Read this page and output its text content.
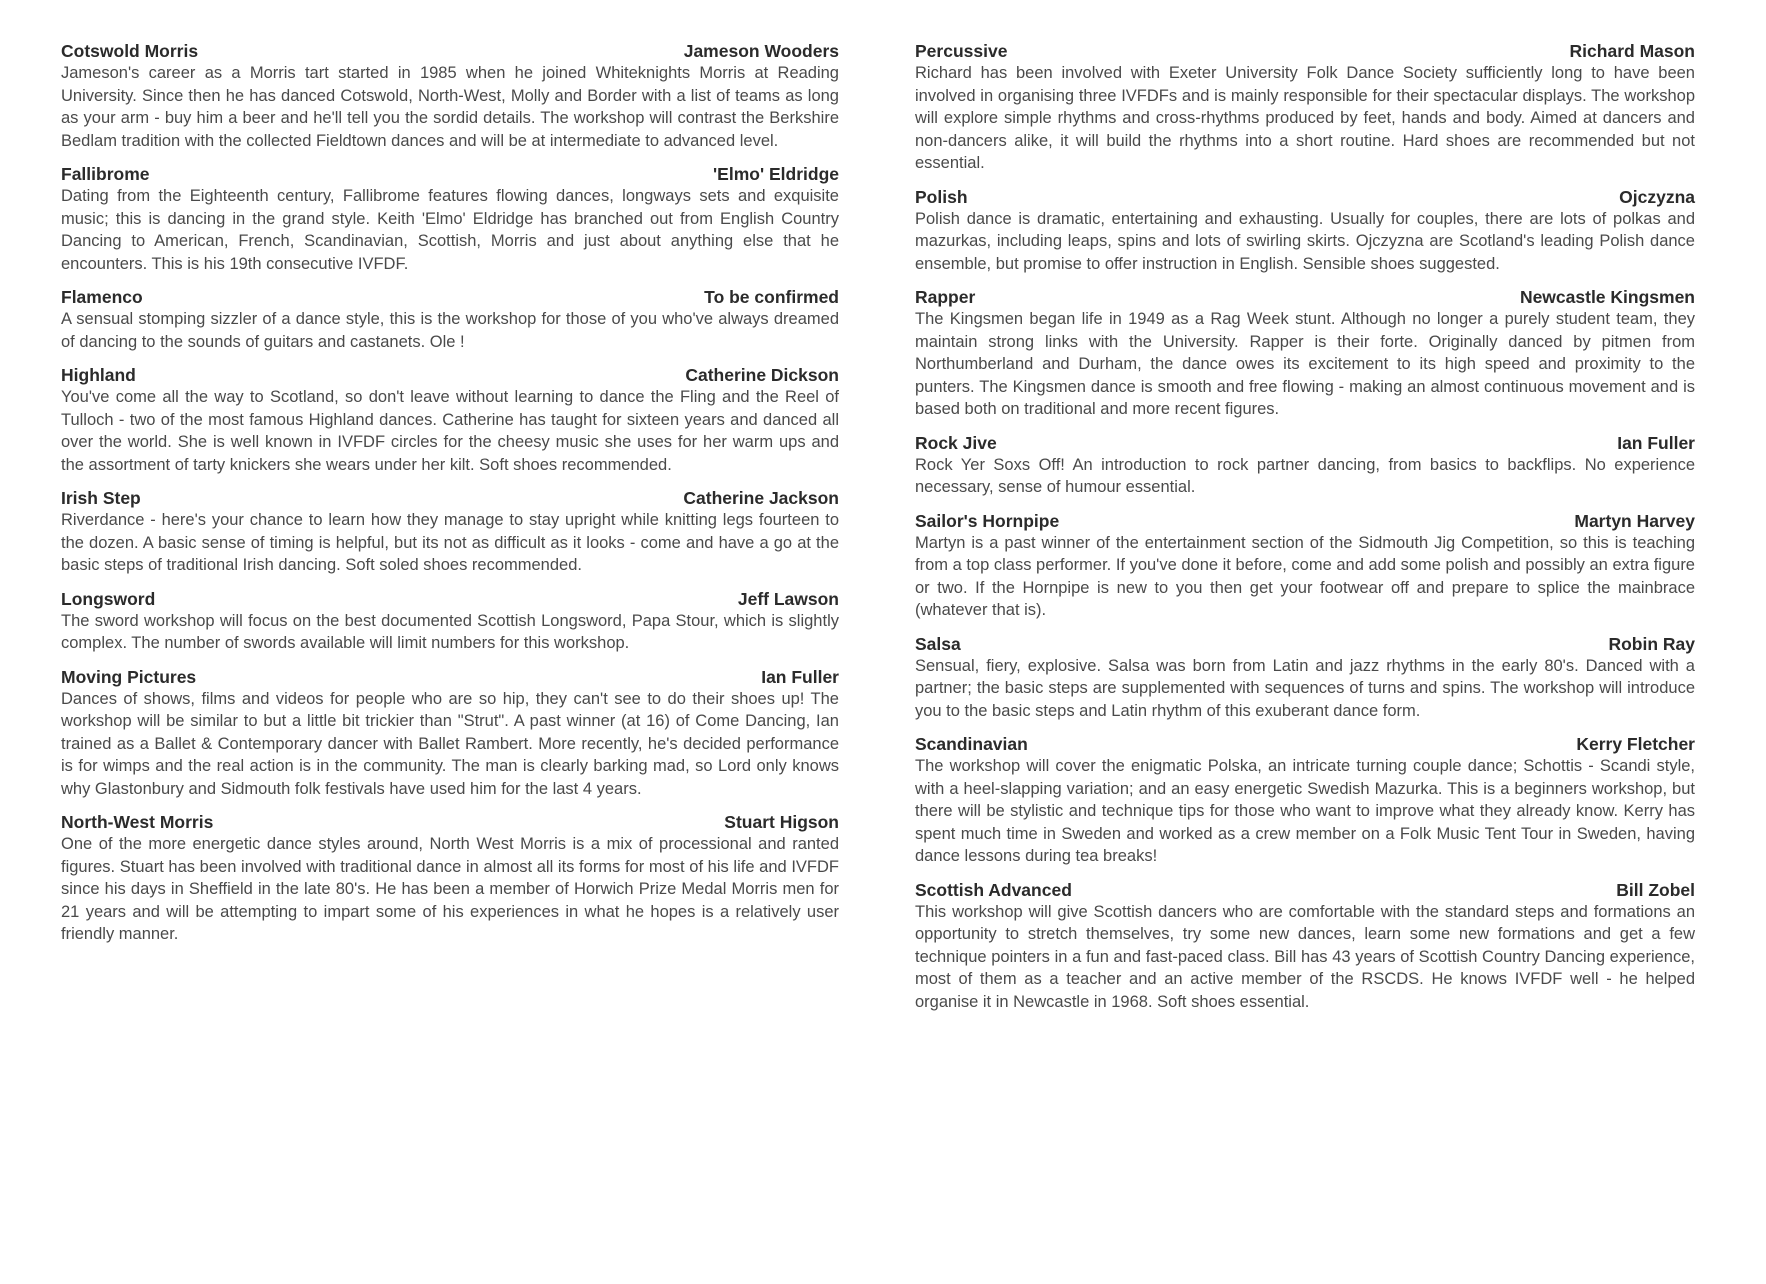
Cotswold Morris	Jameson Wooders

Jameson's career as a Morris tart started in 1985 when he joined Whiteknights Morris at Reading University. Since then he has danced Cotswold, North-West, Molly and Border with a list of teams as long as your arm - buy him a beer and he'll tell you the sordid details. The workshop will contrast the Berkshire Bedlam tradition with the collected Fieldtown dances and will be at intermediate to advanced level.

Fallibrome	'Elmo' Eldridge

Dating from the Eighteenth century, Fallibrome features flowing dances, longways sets and exquisite music; this is dancing in the grand style. Keith 'Elmo' Eldridge has branched out from English Country Dancing to American, French, Scandinavian, Scottish, Morris and just about anything else that he encounters. This is his 19th consecutive IVFDF.

Flamenco	To be confirmed

A sensual stomping sizzler of a dance style, this is the workshop for those of you who've always dreamed of dancing to the sounds of guitars and castanets. Ole !

Highland	Catherine Dickson

You've come all the way to Scotland, so don't leave without learning to dance the Fling and the Reel of Tulloch - two of the most famous Highland dances. Catherine has taught for sixteen years and danced all over the world. She is well known in IVFDF circles for the cheesy music she uses for her warm ups and the assortment of tarty knickers she wears under her kilt. Soft shoes recommended.

Irish Step	Catherine Jackson

Riverdance - here's your chance to learn how they manage to stay upright while knitting legs fourteen to the dozen. A basic sense of timing is helpful, but its not as difficult as it looks - come and have a go at the basic steps of traditional Irish dancing. Soft soled shoes recommended.

Longsword	Jeff Lawson

The sword workshop will focus on the best documented Scottish Longsword, Papa Stour, which is slightly complex. The number of swords available will limit numbers for this workshop.

Moving Pictures	Ian Fuller

Dances of shows, films and videos for people who are so hip, they can't see to do their shoes up! The workshop will be similar to but a little bit trickier than "Strut". A past winner (at 16) of Come Dancing, Ian trained as a Ballet & Contemporary dancer with Ballet Rambert. More recently, he's decided performance is for wimps and the real action is in the community. The man is clearly barking mad, so Lord only knows why Glastonbury and Sidmouth folk festivals have used him for the last 4 years.

North-West Morris	Stuart Higson

One of the more energetic dance styles around, North West Morris is a mix of processional and ranted figures. Stuart has been involved with traditional dance in almost all its forms for most of his life and IVFDF since his days in Sheffield in the late 80's. He has been a member of Horwich Prize Medal Morris men for 21 years and will be attempting to impart some of his experiences in what he hopes is a relatively user friendly manner.

Percussive	Richard Mason

Richard has been involved with Exeter University Folk Dance Society sufficiently long to have been involved in organising three IVFDFs and is mainly responsible for their spectacular displays. The workshop will explore simple rhythms and cross-rhythms produced by feet, hands and body. Aimed at dancers and non-dancers alike, it will build the rhythms into a short routine. Hard shoes are recommended but not essential.

Polish	Ojczyzna

Polish dance is dramatic, entertaining and exhausting. Usually for couples, there are lots of polkas and mazurkas, including leaps, spins and lots of swirling skirts. Ojczyzna are Scotland's leading Polish dance ensemble, but promise to offer instruction in English. Sensible shoes suggested.

Rapper	Newcastle Kingsmen

The Kingsmen began life in 1949 as a Rag Week stunt. Although no longer a purely student team, they maintain strong links with the University. Rapper is their forte. Originally danced by pitmen from Northumberland and Durham, the dance owes its excitement to its high speed and proximity to the punters. The Kingsmen dance is smooth and free flowing - making an almost continuous movement and is based both on traditional and more recent figures.

Rock Jive	Ian Fuller

Rock Yer Soxs Off! An introduction to rock partner dancing, from basics to backflips. No experience necessary, sense of humour essential.

Sailor's Hornpipe	Martyn Harvey

Martyn is a past winner of the entertainment section of the Sidmouth Jig Competition, so this is teaching from a top class performer. If you've done it before, come and add some polish and possibly an extra figure or two. If the Hornpipe is new to you then get your footwear off and prepare to splice the mainbrace (whatever that is).

Salsa	Robin Ray

Sensual, fiery, explosive. Salsa was born from Latin and jazz rhythms in the early 80's. Danced with a partner; the basic steps are supplemented with sequences of turns and spins. The workshop will introduce you to the basic steps and Latin rhythm of this exuberant dance form.

Scandinavian	Kerry Fletcher

The workshop will cover the enigmatic Polska, an intricate turning couple dance; Schottis - Scandi style, with a heel-slapping variation; and an easy energetic Swedish Mazurka. This is a beginners workshop, but there will be stylistic and technique tips for those who want to improve what they already know. Kerry has spent much time in Sweden and worked as a crew member on a Folk Music Tent Tour in Sweden, having dance lessons during tea breaks!

Scottish Advanced	Bill Zobel

This workshop will give Scottish dancers who are comfortable with the standard steps and formations an opportunity to stretch themselves, try some new dances, learn some new formations and get a few technique pointers in a fun and fast-paced class. Bill has 43 years of Scottish Country Dancing experience, most of them as a teacher and an active member of the RSCDS. He knows IVFDF well - he helped organise it in Newcastle in 1968. Soft shoes essential.
